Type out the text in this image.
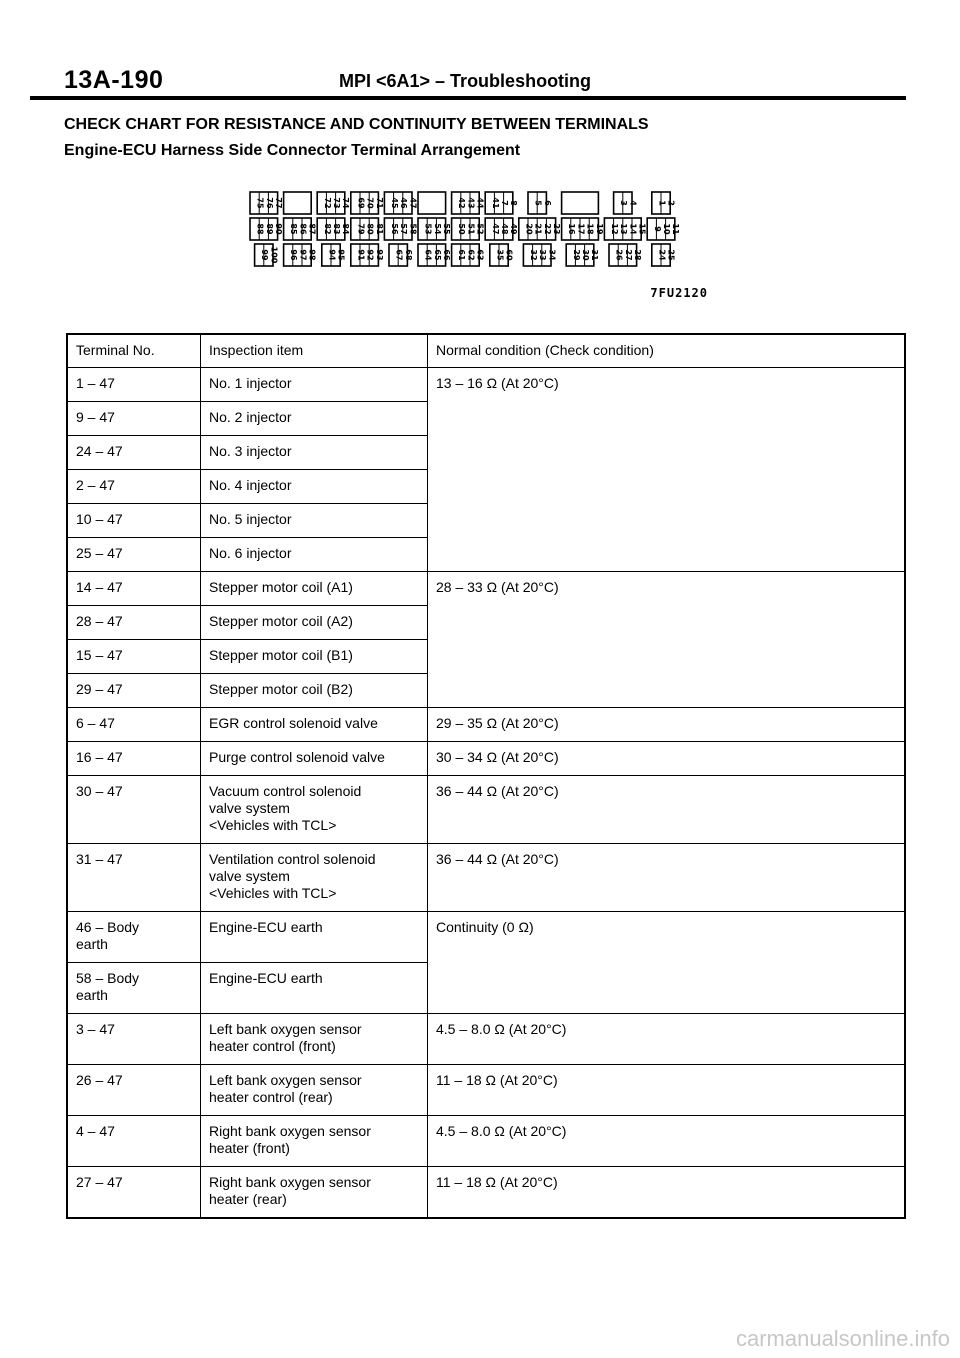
13A-190	MPI <6A1> – Troubleshooting
CHECK CHART FOR RESISTANCE AND CONTINUITY BETWEEN TERMINALS
Engine-ECU Harness Side Connector Terminal Arrangement
75 76 77
88 89 90
99 100
85 86 87
96 97 98
72 73 74
82 83 84
94 95
69 70 71
79 80 81
91 92 93
45 46 47
56 57 58
67 68
53 54 55
64 65 66
42 43 44
50 51 52
61 62 63
41 7 8
47 48 49
35 60
5 6
20 21 22 23
32 33 34
16 17 18 19
29 30 31
3 4
12 13 14 15
26 27 28
1 2
9 10 11
24 25
7FU2120
Terminal No.	Inspection item	Normal condition (Check condition)
1 – 47	No. 1 injector	13 – 16 Ω (At 20°C)
9 – 47	No. 2 injector	
24 – 47	No. 3 injector	
2 – 47	No. 4 injector	
10 – 47	No. 5 injector	
25 – 47	No. 6 injector	
14 – 47	Stepper motor coil (A1)	28 – 33 Ω (At 20°C)
28 – 47	Stepper motor coil (A2)	
15 – 47	Stepper motor coil (B1)	
29 – 47	Stepper motor coil (B2)	
6 – 47	EGR control solenoid valve	29 – 35 Ω (At 20°C)
16 – 47	Purge control solenoid valve	30 – 34 Ω (At 20°C)
30 – 47	Vacuum control solenoid
valve system
<Vehicles with TCL>	36 – 44 Ω (At 20°C)
31 – 47	Ventilation control solenoid
valve system
<Vehicles with TCL>	36 – 44 Ω (At 20°C)
46 – Body
earth	Engine-ECU earth	Continuity (0 Ω)
58 – Body
earth	Engine-ECU earth	
3 – 47	Left bank oxygen sensor
heater control (front)	4.5 – 8.0 Ω (At 20°C)
26 – 47	Left bank oxygen sensor
heater control (rear)	11 – 18 Ω (At 20°C)
4 – 47	Right bank oxygen sensor
heater (front)	4.5 – 8.0 Ω (At 20°C)
27 – 47	Right bank oxygen sensor
heater (rear)	11 – 18 Ω (At 20°C)
carmanualsonline.info
